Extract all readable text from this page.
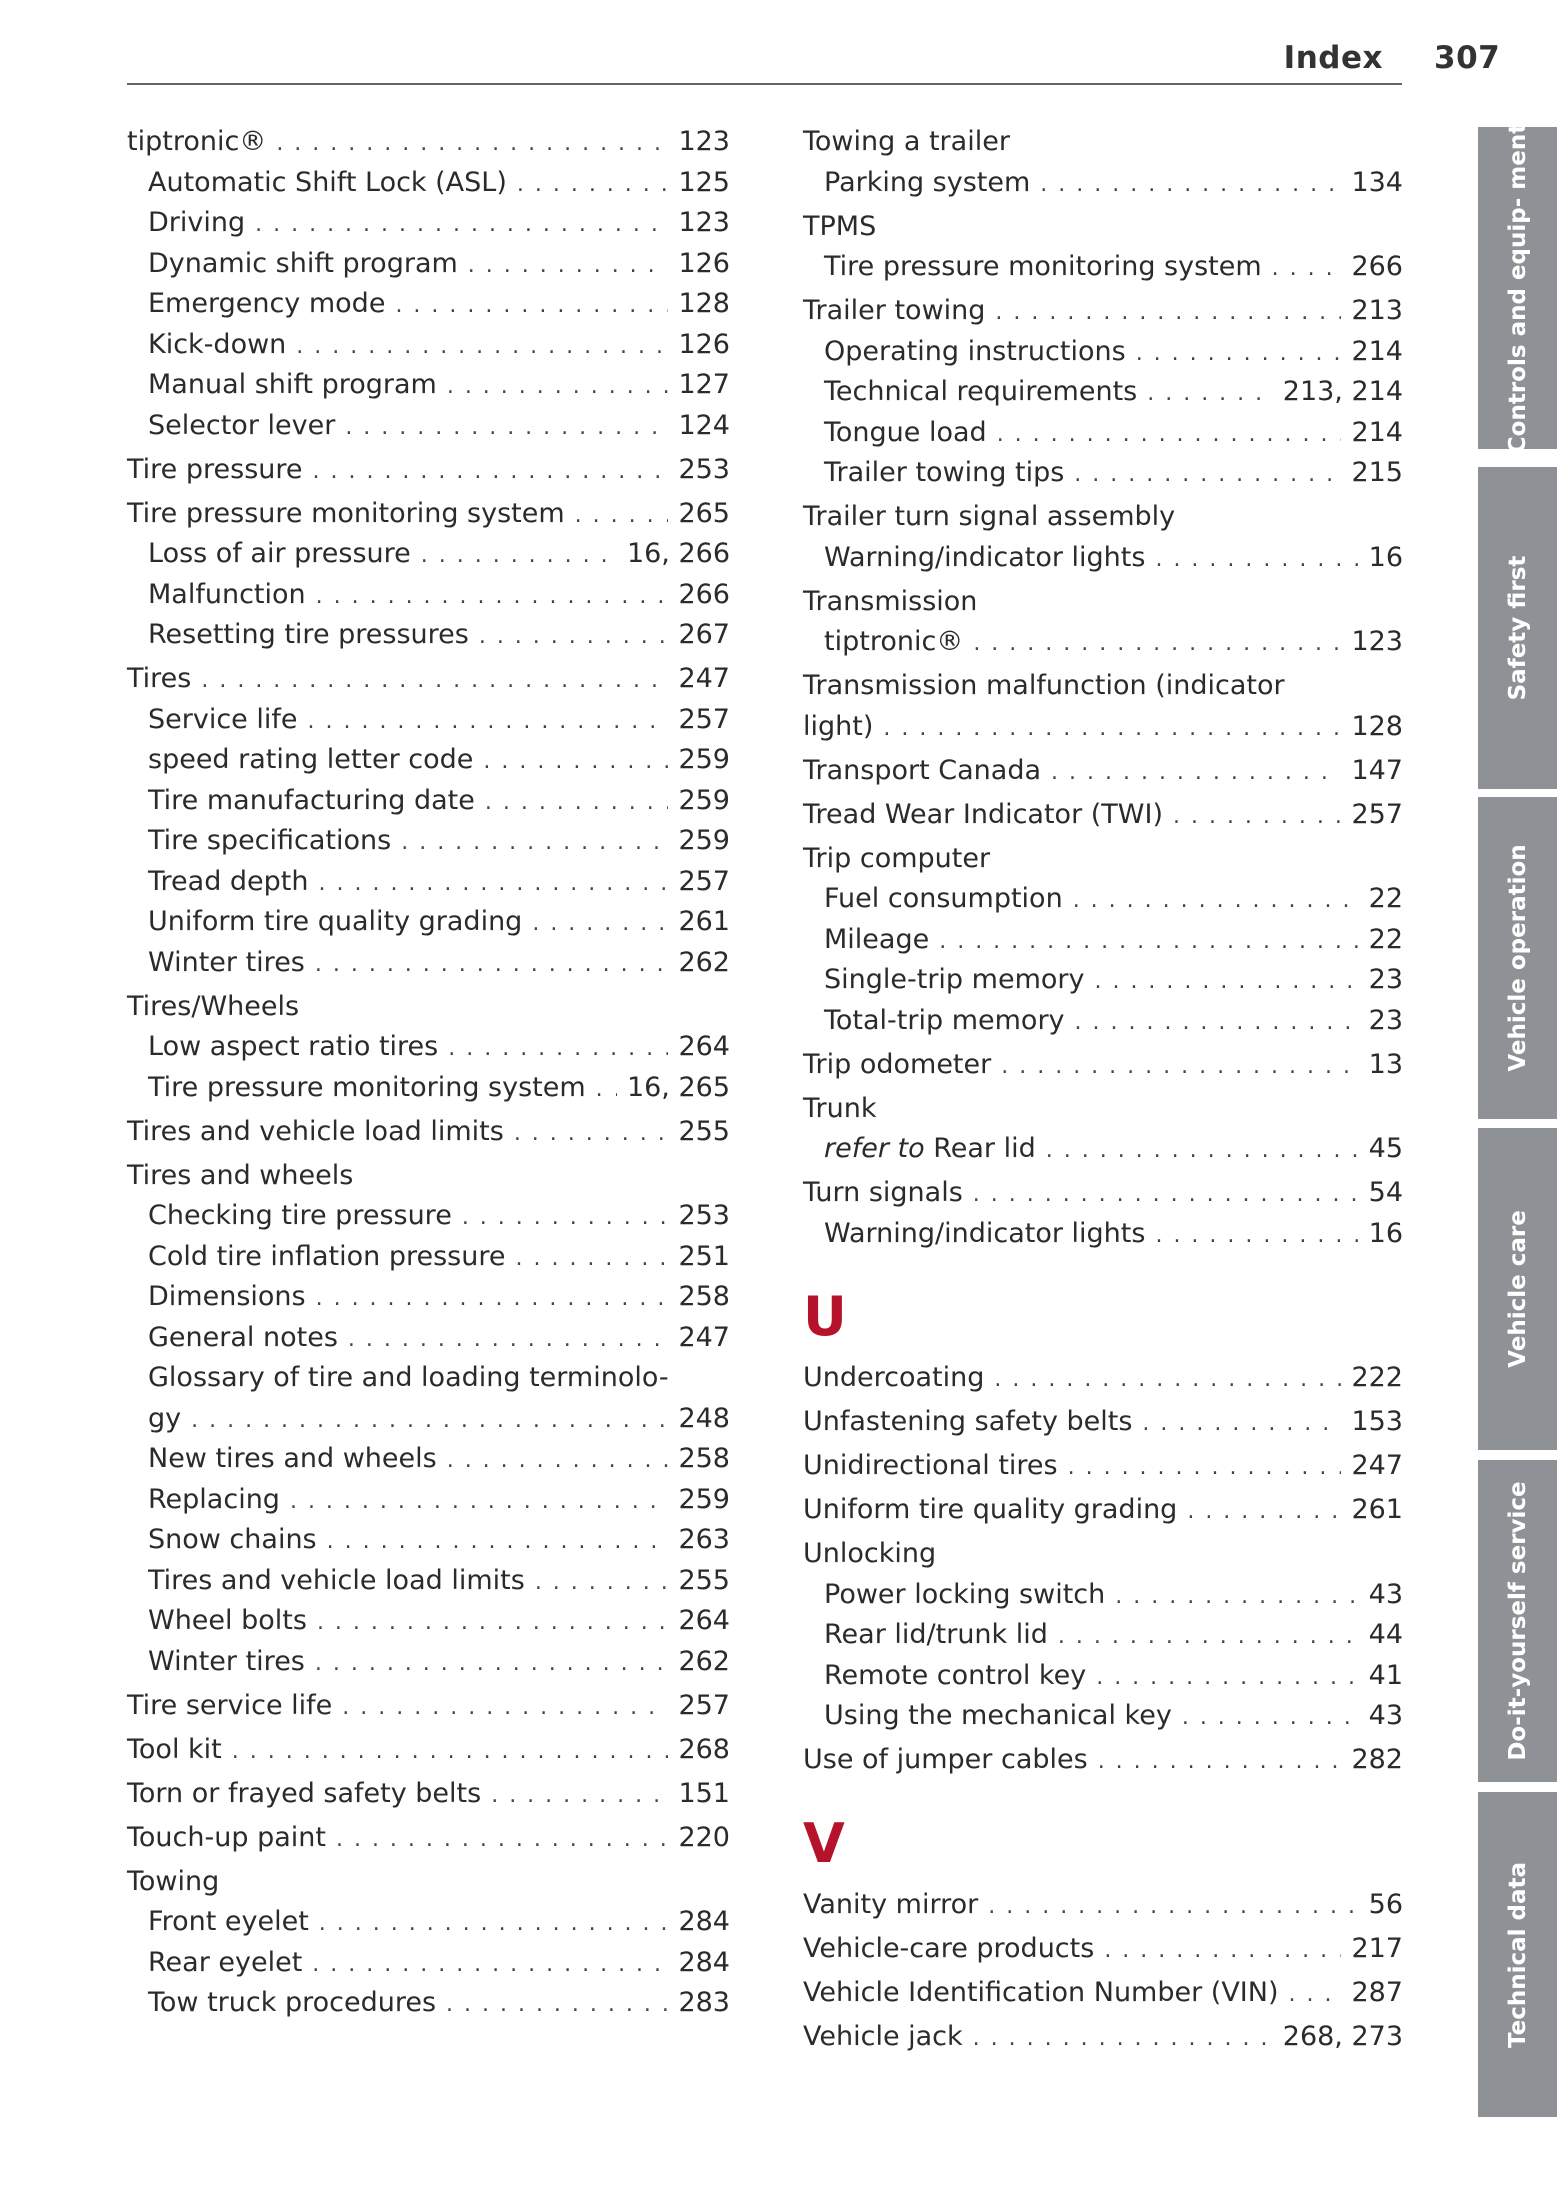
Index 307
tiptronic® . . .	123
Automatic Shift Lock (ASL) . . .	125
Driving . . .	123
Dynamic shift program . . .	126
Emergency mode . . .	128
Kick-down . . .	126
Manual shift program . . .	127
Selector lever . . .	124
Tire pressure . . .	253
Tire pressure monitoring system . . .	265
Loss of air pressure . . .	16, 266
Malfunction . . .	266
Resetting tire pressures . . .	267
Tires . . .	247
Service life . . .	257
speed rating letter code . . .	259
Tire manufacturing date . . .	259
Tire specifications . . .	259
Tread depth . . .	257
Uniform tire quality grading . . .	261
Winter tires . . .	262
Tires/Wheels
Low aspect ratio tires . . .	264
Tire pressure monitoring system . . .	16, 265
Tires and vehicle load limits . . .	255
Tires and wheels
Checking tire pressure . . .	253
Cold tire inflation pressure . . .	251
Dimensions . . .	258
General notes . . .	247
Glossary of tire and loading terminolo-
gy . . .	248
New tires and wheels . . .	258
Replacing . . .	259
Snow chains . . .	263
Tires and vehicle load limits . . .	255
Wheel bolts . . .	264
Winter tires . . .	262
Tire service life . . .	257
Tool kit . . .	268
Torn or frayed safety belts . . .	151
Touch-up paint . . .	220
Towing
Front eyelet . . .	284
Rear eyelet . . .	284
Tow truck procedures . . .	283
Towing a trailer
Parking system . . .	134
TPMS
Tire pressure monitoring system . . .	266
Trailer towing . . .	213
Operating instructions . . .	214
Technical requirements . . .	213, 214
Tongue load . . .	214
Trailer towing tips . . .	215
Trailer turn signal assembly
Warning/indicator lights . . .	16
Transmission
tiptronic® . . .	123
Transmission malfunction (indicator
light) . . .	128
Transport Canada . . .	147
Tread Wear Indicator (TWI) . . .	257
Trip computer
Fuel consumption . . .	22
Mileage . . .	22
Single-trip memory . . .	23
Total-trip memory . . .	23
Trip odometer . . .	13
Trunk
refer to Rear lid . . .	45
Turn signals . . .	54
Warning/indicator lights . . .	16
U
Undercoating . . .	222
Unfastening safety belts . . .	153
Unidirectional tires . . .	247
Uniform tire quality grading . . .	261
Unlocking
Power locking switch . . .	43
Rear lid/trunk lid . . .	44
Remote control key . . .	41
Using the mechanical key . . .	43
Use of jumper cables . . .	282
V
Vanity mirror . . .	56
Vehicle-care products . . .	217
Vehicle Identification Number (VIN) . . .	287
Vehicle jack . . .	268, 273
Controls and equip- ment
Safety first
Vehicle operation
Vehicle care
Do-it-yourself service
Technical data
